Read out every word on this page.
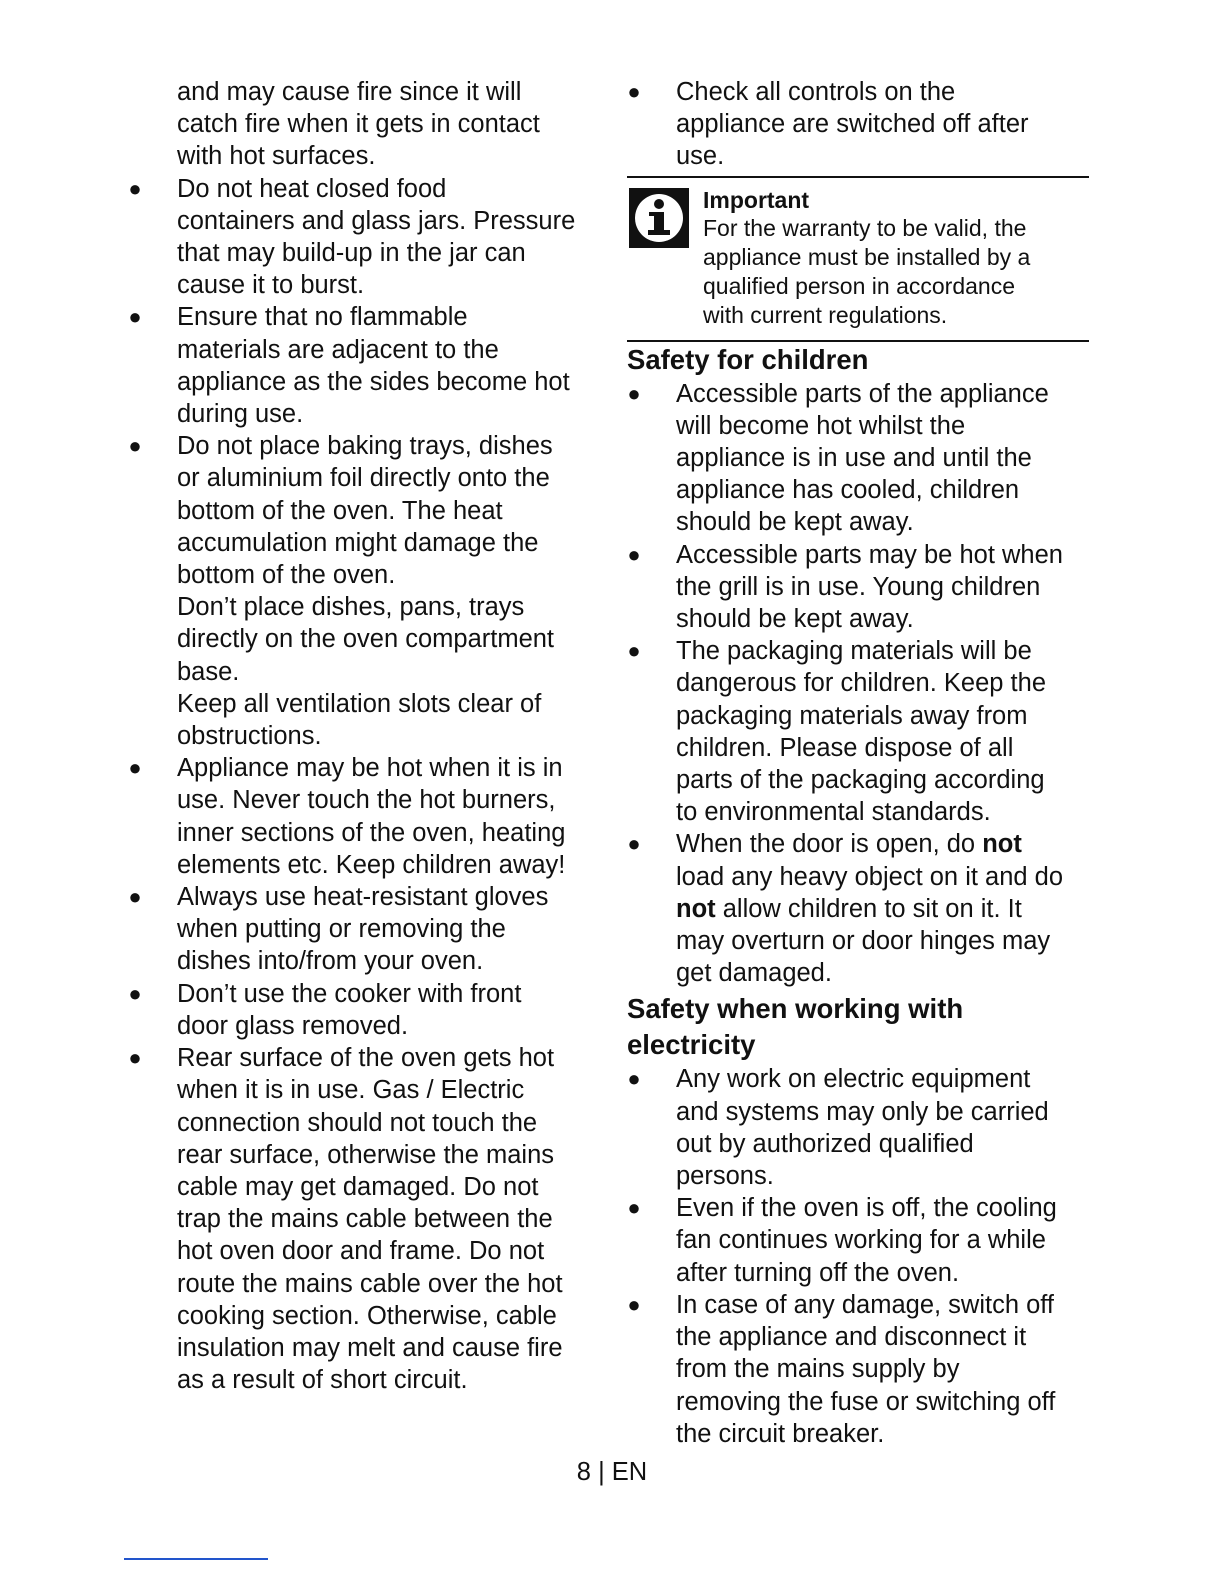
and may cause fire since it will

catch fire when it gets in contact

with hot surfaces.

● Do not heat closed food

containers and glass jars. Pressure

that may build-up in the jar can

cause it to burst.

● Ensure that no flammable

materials are adjacent to the

appliance as the sides become hot

during use.

● Do not place baking trays, dishes

or aluminium foil directly onto the

bottom of the oven. The heat

accumulation might damage the

bottom of the oven.

Don’t place dishes, pans, trays

directly on the oven compartment

base.

Keep all ventilation slots clear of

obstructions.

● Appliance may be hot when it is in

use. Never touch the hot burners,

inner sections of the oven, heating

elements etc. Keep children away!

● Always use heat-resistant gloves

when putting or removing the

dishes into/from your oven.

● Don’t use the cooker with front

door glass removed.

● Rear surface of the oven gets hot

when it is in use. Gas / Electric

connection should not touch the

rear surface, otherwise the mains

cable may get damaged. Do not

trap the mains cable between the

hot oven door and frame. Do not

route the mains cable over the hot

cooking section. Otherwise, cable

insulation may melt and cause fire

as a result of short circuit.

● Check all controls on the

appliance are switched off after

use.

Important

For the warranty to be valid, the

appliance must be installed by a

qualified person in accordance

with current regulations.

Safety for children
● Accessible parts of the appliance

will become hot whilst the

appliance is in use and until the

appliance has cooled, children

should be kept away.

● Accessible parts may be hot when

the grill is in use. Young children

should be kept away.

● The packaging materials will be

dangerous for children. Keep the

packaging materials away from

children. Please dispose of all

parts of the packaging according

to environmental standards.

● When the door is open, do not

load any heavy object on it and do

not allow children to sit on it. It

may overturn or door hinges may

get damaged.

Safety when working with
electricity
● Any work on electric equipment

and systems may only be carried

out by authorized qualified

persons.

● Even if the oven is off, the cooling

fan continues working for a while

after turning off the oven.

● In case of any damage, switch off

the appliance and disconnect it

from the mains supply by

removing the fuse or switching off

the circuit breaker.

8 | EN
